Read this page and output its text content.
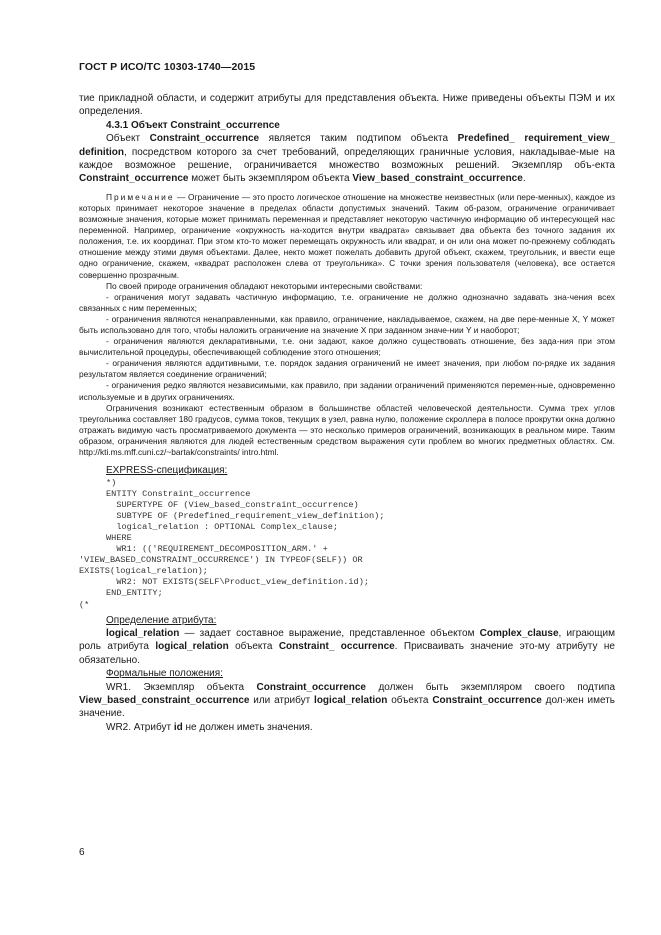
ГОСТ Р ИСО/ТС 10303-1740—2015

тие прикладной области, и содержит атрибуты для представления объекта. Ниже приведены объекты ПЭМ и их определения.

4.3.1 Объект Constraint_occurrence

Объект Constraint_occurrence является таким подтипом объекта Predefined_ requirement_view_ definition, посредством которого за счет требований, определяющих граничные условия, накладывае-мые на каждое возможное решение, ограничивается множество возможных решений. Экземпляр объ-екта Constraint_occurrence может быть экземпляром объекта View_based_constraint_occurrence.

Примечание — Ограничение — это просто логическое отношение на множестве неизвестных (или пере-менных), каждое из которых принимает некоторое значение в пределах области допустимых значений. Таким об-разом, ограничение ограничивает возможные значения, которые может принимать переменная и представляет некоторую частичную информацию об интересующей нас переменной. Например, ограничение «окружность на-ходится внутри квадрата» связывает два объекта без точного задания их положения, т.е. их координат. При этом кто-то может перемещать окружность или квадрат, и он или она может по-прежнему соблюдать отношение между этими двумя объектами. Далее, некто может пожелать добавить другой объект, скажем, треугольник, и ввести еще одно ограничение, скажем, «квадрат расположен слева от треугольника». С точки зрения пользователя (человека), все остается совершенно прозрачным.

По своей природе ограничения обладают некоторыми интересными свойствами:

- ограничения могут задавать частичную информацию, т.е. ограничение не должно однозначно задавать зна-чения всех связанных с ним переменных;

- ограничения являются ненаправленными, как правило, ограничение, накладываемое, скажем, на две пере-менные X, Y может быть использовано для того, чтобы наложить ограничение на значение X при заданном значе-нии Y и наоборот;

- ограничения являются декларативными, т.е. они задают, какое должно существовать отношение, без зада-ния при этом вычислительной процедуры, обеспечивающей соблюдение этого отношения;

- ограничения являются аддитивными, т.е. порядок задания ограничений не имеет значения, при любом по-рядке их задания результатом является соединение ограничений;

- ограничения редко являются независимыми, как правило, при задании ограничений применяются перемен-ные, одновременно используемые и в других ограничениях.

Ограничения возникают естественным образом в большинстве областей человеческой деятельности. Сумма трех углов треугольника составляет 180 градусов, сумма токов, текущих в узел, равна нулю, положение скроллера в полосе прокрутки окна должно отражать видимую часть просматриваемого документа — это несколько примеров ограничений, возникающих в реальном мире. Таким образом, ограничения являются для людей естественным средством выражения сути проблем во многих предметных областях. См. http://kti.ms.mff.cuni.cz/~bartak/constraints/ intro.html.

EXPRESS-спецификация:

*)
ENTITY Constraint_occurrence
SUPERTYPE OF (View_based_constraint_occurrence)
SUBTYPE OF (Predefined_requirement_view_definition);
logical_relation : OPTIONAL Complex_clause;
WHERE
WR1: (('REQUIREMENT_DECOMPOSITION_ARM.' +
'VIEW_BASED_CONSTRAINT_OCCURRENCE') IN TYPEOF(SELF)) OR
EXISTS(logical_relation);
WR2: NOT EXISTS(SELF\Product_view_definition.id);
END_ENTITY;
(*

Определение атрибута:

logical_relation — задает составное выражение, представленное объектом Complex_clause, играющим роль атрибута logical_relation объекта Constraint_ occurrence. Присваивать значение это-му атрибуту не обязательно.

Формальные положения:

WR1. Экземпляр объекта Constraint_occurrence должен быть экземпляром своего подтипа View_based_constraint_occurrence или атрибут logical_relation объекта Constraint_occurrence дол-жен иметь значение.

WR2. Атрибут id не должен иметь значения.

6
